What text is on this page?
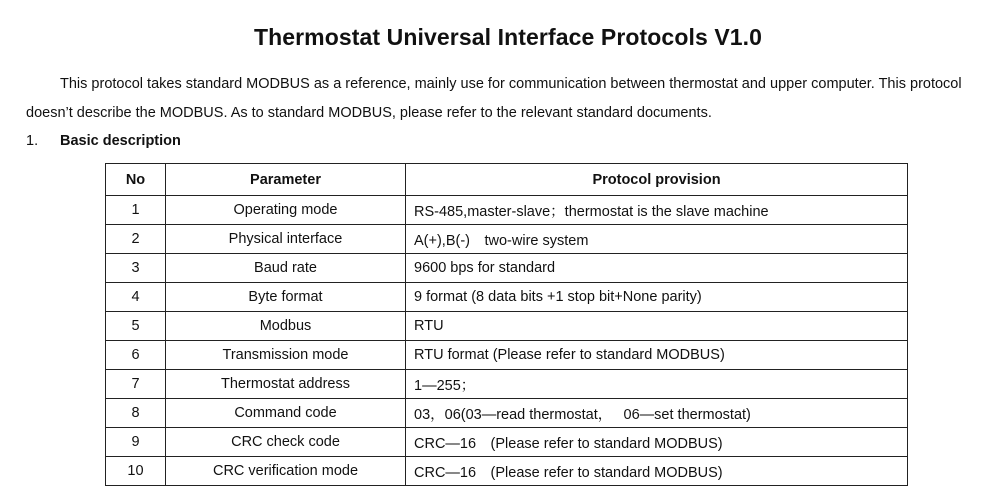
Thermostat Universal Interface Protocols V1.0

This protocol takes standard MODBUS as a reference, mainly use for communication between thermostat and upper computer. This protocol doesn’t describe the MODBUS. As to standard MODBUS, please refer to the relevant standard documents.

1. Basic description
No	Parameter	Protocol provision
1	Operating mode	RS-485,master-slave；thermostat is the slave machine
2	Physical interface	A(+),B(-)　two-wire system
3	Baud rate	9600 bps for standard
4	Byte format	9 format (8 data bits +1 stop bit+None parity)
5	Modbus	RTU
6	Transmission mode	RTU format (Please refer to standard MODBUS)
7	Thermostat address	1—255；
8	Command code	03，06(03—read thermostat，　 06—set thermostat)
9	CRC check code	CRC—16　(Please refer to standard MODBUS)
10	CRC verification mode	CRC—16　(Please refer to standard MODBUS)
